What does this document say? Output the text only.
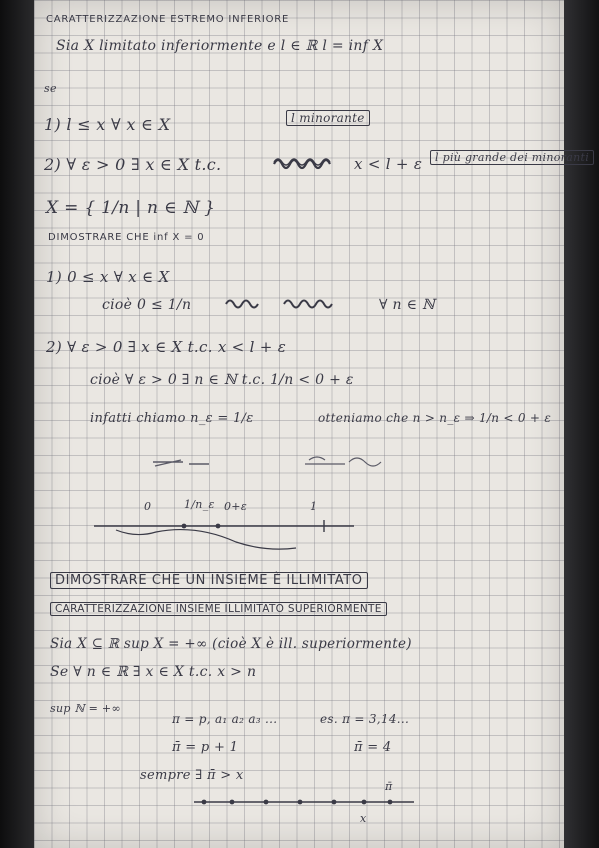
CARATTERIZZAZIONE ESTREMO INFERIORE
Sia X limitato inferiormente e l ∈ ℝ l = inf X
se
1) l ≤ x ∀ x ∈ X	l minorante
2) ∀ ε > 0 ∃ x ∈ X t.c.	x < l + ε	l più grande dei minoranti
X = { 1/n | n ∈ ℕ }
DIMOSTRARE CHE inf X = 0
1) 0 ≤ x ∀ x ∈ X
cioè 0 ≤ 1/n	∀ n ∈ ℕ
2) ∀ ε > 0 ∃ x ∈ X t.c. x < l + ε
cioè ∀ ε > 0 ∃ n ∈ ℕ t.c. 1/n < 0 + ε
infatti chiamo n_ε = 1/ε	otteniamo che n > n_ε ⇒ 1/n < 0 + ε
0	1/n_ε 0+ε	1
DIMOSTRARE CHE UN INSIEME È ILLIMITATO
CARATTERIZZAZIONE INSIEME ILLIMITATO SUPERIORMENTE
Sia X ⊆ ℝ sup X = +∞ (cioè X è ill. superiormente)
Se ∀ n ∈ ℝ ∃ x ∈ X t.c. x > n
sup ℕ = +∞
π = p, a₁ a₂ a₃ ...	es. π = 3,14...
π̄ = p + 1	π̄ = 4
sempre ∃ π̄ > x
π̄
x
